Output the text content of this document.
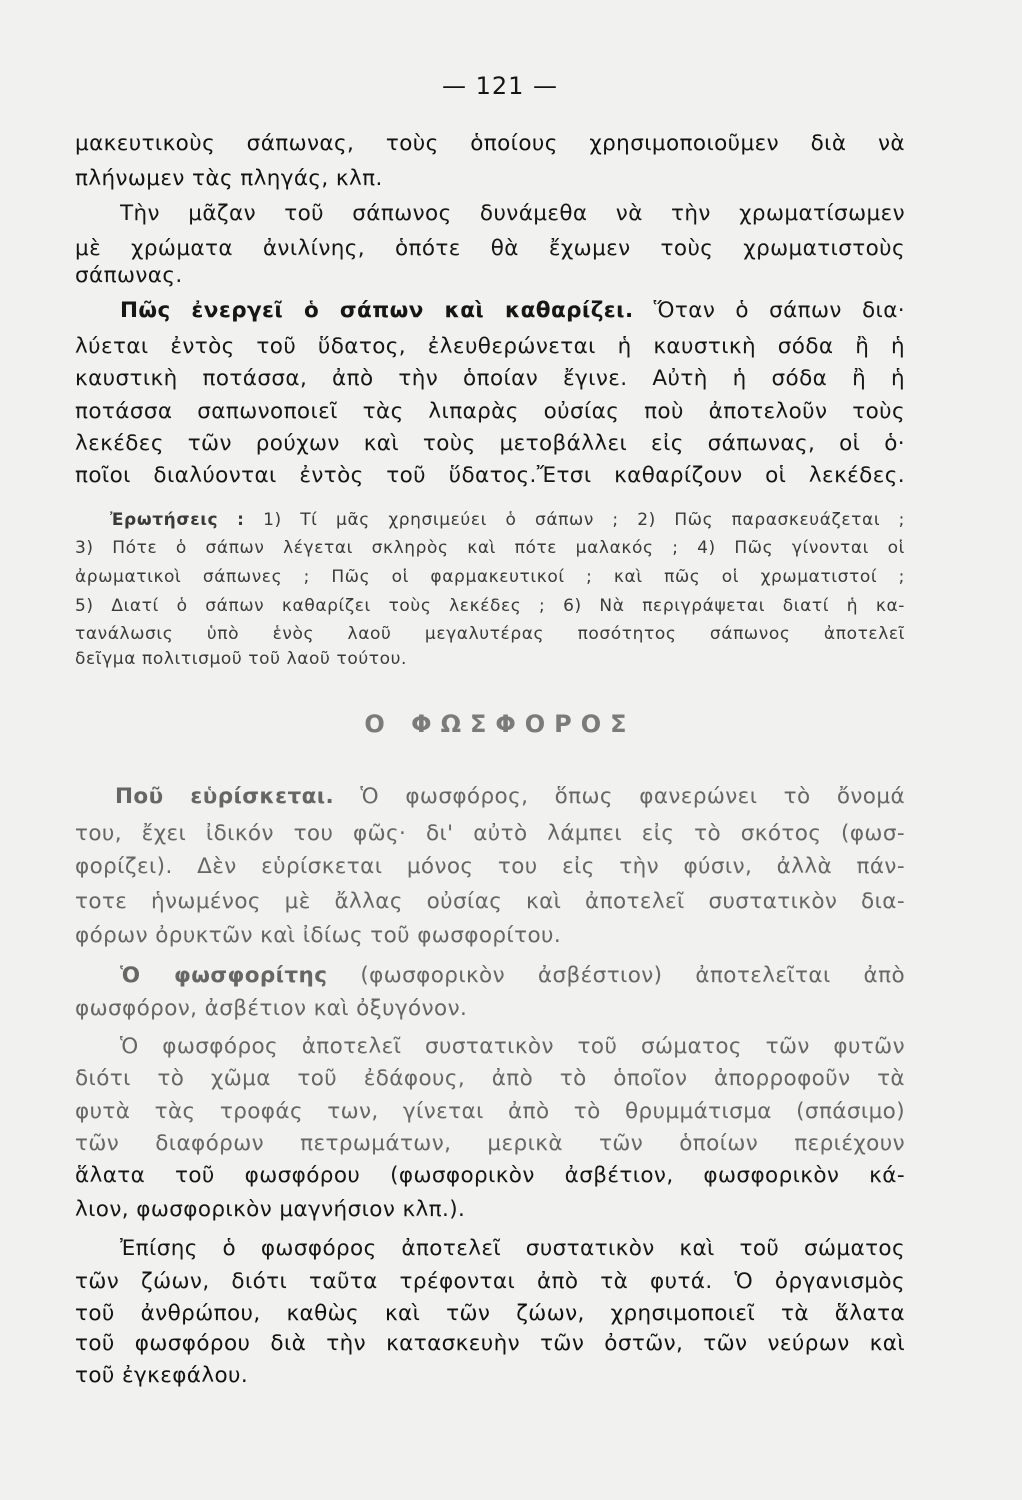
— 121 —
μακευτικοὺς σάπωνας, τοὺς ὁποίους χρησιμοποιοῦμεν διὰ νὰ
πλήνωμεν τὰς πληγάς, κλπ.
Τὴν μᾶζαν τοῦ σάπωνος δυνάμεθα νὰ τὴν χρωματίσωμεν
μὲ χρώματα ἀνιλίνης, ὁπότε θὰ ἔχωμεν τοὺς χρωματιστοὺς
σάπωνας.
Πῶς ἐνεργεῖ ὁ σάπων καὶ καθαρίζει. Ὅταν ὁ σάπων δια·
λύεται ἐντὸς τοῦ ὕδατος, ἐλευθερώνεται ἡ καυστικὴ σόδα ἢ ἡ
καυστικὴ ποτάσσα, ἀπὸ τὴν ὁποίαν ἔγινε. Αὐτὴ ἡ σόδα ἢ ἡ
ποτάσσα σαπωνοποιεῖ τὰς λιπαρὰς οὐσίας ποὺ ἀποτελοῦν τοὺς
λεκέδες τῶν ρούχων καὶ τοὺς μετοβάλλει εἰς σάπωνας, οἱ ὁ·
ποῖοι διαλύονται ἐντὸς τοῦ ὕδατος.Ἔτσι καθαρίζουν οἱ λεκέδες.
Ἐρωτήσεις : 1) Τί μᾶς χρησιμεύει ὁ σάπων ; 2) Πῶς παρασκευάζεται ;
3) Πότε ὁ σάπων λέγεται σκληρὸς καὶ πότε μαλακός ; 4) Πῶς γίνονται οἱ
ἀρωματικοὶ σάπωνες ; Πῶς οἱ φαρμακευτικοί ; καὶ πῶς οἱ χρωματιστοί ;
5) Διατί ὁ σάπων καθαρίζει τοὺς λεκέδες ; 6) Νὰ περιγράψεται διατί ἡ κα-
τανάλωσις ὑπὸ ἑνὸς λαοῦ μεγαλυτέρας ποσότητος σάπωνος ἀποτελεῖ
δεῖγμα πολιτισμοῦ τοῦ λαοῦ τούτου.
Ο ΦΩΣΦΟΡΟΣ
Ποῦ εὑρίσκεται. Ὁ φωσφόρος, ὅπως φανερώνει τὸ ὄνομά
του, ἔχει ἰδικόν του φῶς· δι' αὐτὸ λάμπει εἰς τὸ σκότος (φωσ-
φορίζει). Δὲν εὑρίσκεται μόνος του εἰς τὴν φύσιν, ἀλλὰ πάν-
τοτε ἡνωμένος μὲ ἄλλας οὐσίας καὶ ἀποτελεῖ συστατικὸν δια-
φόρων ὀρυκτῶν καὶ ἰδίως τοῦ φωσφορίτου.
Ὁ φωσφορίτης (φωσφορικὸν ἀσβέστιον) ἀποτελεῖται ἀπὸ
φωσφόρον, ἀσβέτιον καὶ ὀξυγόνον.
Ὁ φωσφόρος ἀποτελεῖ συστατικὸν τοῦ σώματος τῶν φυτῶν
διότι τὸ χῶμα τοῦ ἐδάφους, ἀπὸ τὸ ὁποῖον ἀπορροφοῦν τὰ
φυτὰ τὰς τροφάς των, γίνεται ἀπὸ τὸ θρυμμάτισμα (σπάσιμο)
τῶν διαφόρων πετρωμάτων, μερικὰ τῶν ὁποίων περιέχουν
ἅλατα τοῦ φωσφόρου (φωσφορικὸν ἀσβέτιον, φωσφορικὸν κά-
λιον, φωσφορικὸν μαγνήσιον κλπ.).
Ἐπίσης ὁ φωσφόρος ἀποτελεῖ συστατικὸν καὶ τοῦ σώματος
τῶν ζώων, διότι ταῦτα τρέφονται ἀπὸ τὰ φυτά. Ὁ ὀργανισμὸς
τοῦ ἀνθρώπου, καθὼς καὶ τῶν ζώων, χρησιμοποιεῖ τὰ ἅλατα
τοῦ φωσφόρου διὰ τὴν κατασκευὴν τῶν ὀστῶν, τῶν νεύρων καὶ
τοῦ ἐγκεφάλου.
